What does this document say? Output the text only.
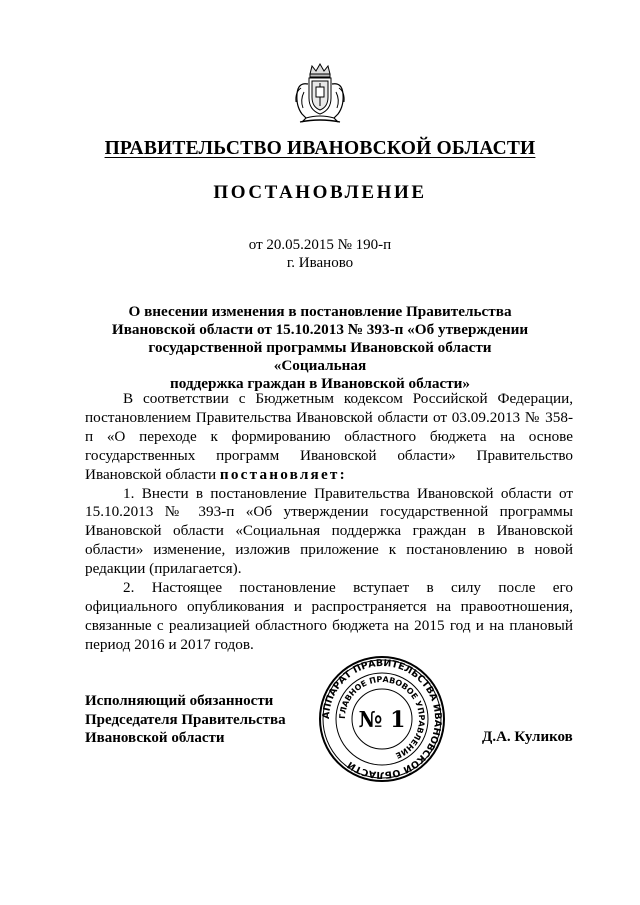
ПРАВИТЕЛЬСТВО ИВАНОВСКОЙ ОБЛАСТИ
ПОСТАНОВЛЕНИЕ
от 20.05.2015 № 190-п
г. Иваново
О внесении изменения в постановление Правительства
Ивановской области от 15.10.2013 № 393-п «Об утверждении
государственной программы Ивановской области «Социальная
поддержка граждан в Ивановской области»

В соответствии с Бюджетным кодексом Российской Федерации, постановлением Правительства Ивановской области от 03.09.2013 № 358-п «О переходе к формированию областного бюджета на основе государственных программ Ивановской области» Правительство Ивановской области постановляет:

1. Внести в постановление Правительства Ивановской области от 15.10.2013 № 393-п «Об утверждении государственной программы Ивановской области «Социальная поддержка граждан в Ивановской области» изменение, изложив приложение к постановлению в новой редакции (прилагается).

2. Настоящее постановление вступает в силу после его официального опубликования и распространяется на правоотношения, связанные с реализацией областного бюджета на 2015 год и на плановый период 2016 и 2017 годов.

Исполняющий обязанности
Председателя Правительства
Ивановской области	Д.А. Куликов
АППАРАТ ПРАВИТЕЛЬСТВА ИВАНОВСКОЙ ОБЛАСТИ
ГЛАВНОЕ ПРАВОВОЕ УПРАВЛЕНИЕ
№ 1
